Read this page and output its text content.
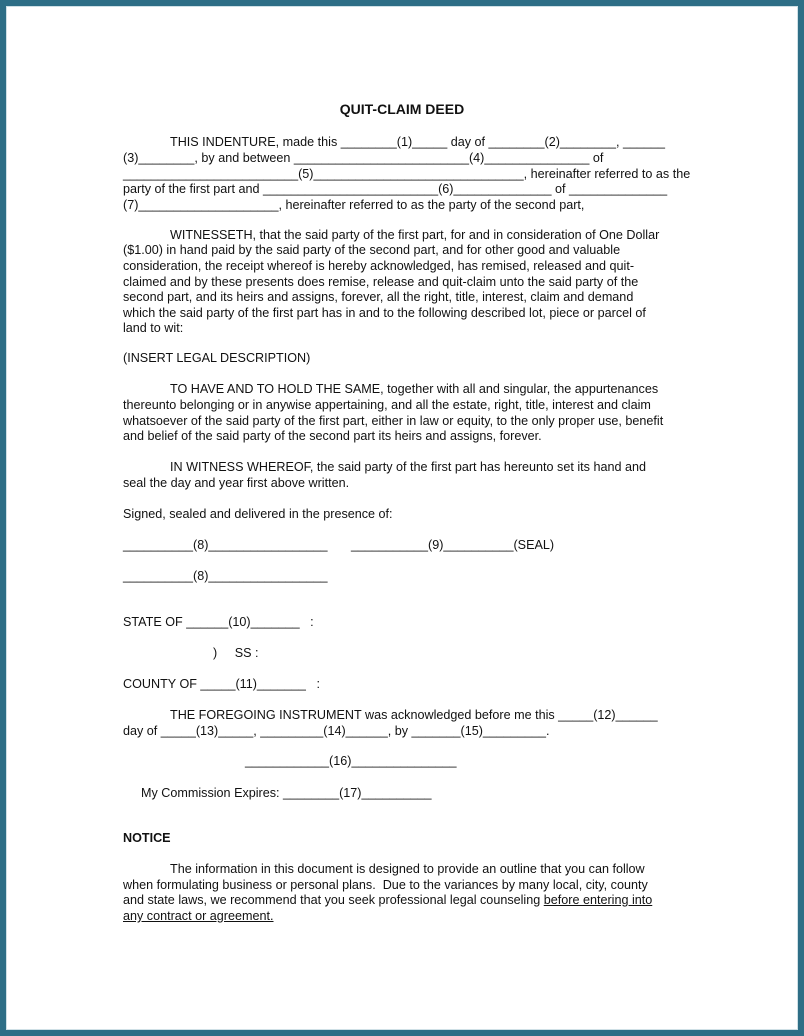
QUIT-CLAIM DEED
THIS INDENTURE, made this ________(1)_____ day of ________(2)________, ______
(3)________, by and between _________________________(4)_______________ of
_________________________(5)______________________________, hereinafter referred to as the
party of the first part and _________________________(6)______________ of ______________
(7)____________________, hereinafter referred to as the party of the second part,
WITNESSETH, that the said party of the first part, for and in consideration of One Dollar
($1.00) in hand paid by the said party of the second part, and for other good and valuable
consideration, the receipt whereof is hereby acknowledged, has remised, released and quit-
claimed and by these presents does remise, release and quit-claim unto the said party of the
second part, and its heirs and assigns, forever, all the right, title, interest, claim and demand
which the said party of the first part has in and to the following described lot, piece or parcel of
land to wit:
(INSERT LEGAL DESCRIPTION)
TO HAVE AND TO HOLD THE SAME, together with all and singular, the appurtenances
thereunto belonging or in anywise appertaining, and all the estate, right, title, interest and claim
whatsoever of the said party of the first part, either in law or equity, to the only proper use, benefit
and belief of the said party of the second part its heirs and assigns, forever.
IN WITNESS WHEREOF, the said party of the first part has hereunto set its hand and
seal the day and year first above written.
Signed, sealed and delivered in the presence of:
__________(8)_________________ ___________(9)__________(SEAL)
__________(8)_________________
STATE OF ______(10)_______   :
)     SS :
COUNTY OF _____(11)_______   :
THE FOREGOING INSTRUMENT was acknowledged before me this _____(12)______
day of _____(13)_____, _________(14)______, by _______(15)_________.
____________(16)_______________
My Commission Expires: ________(17)__________
NOTICE
The information in this document is designed to provide an outline that you can follow
when formulating business or personal plans.  Due to the variances by many local, city, county
and state laws, we recommend that you seek professional legal counseling before entering into
any contract or agreement.
